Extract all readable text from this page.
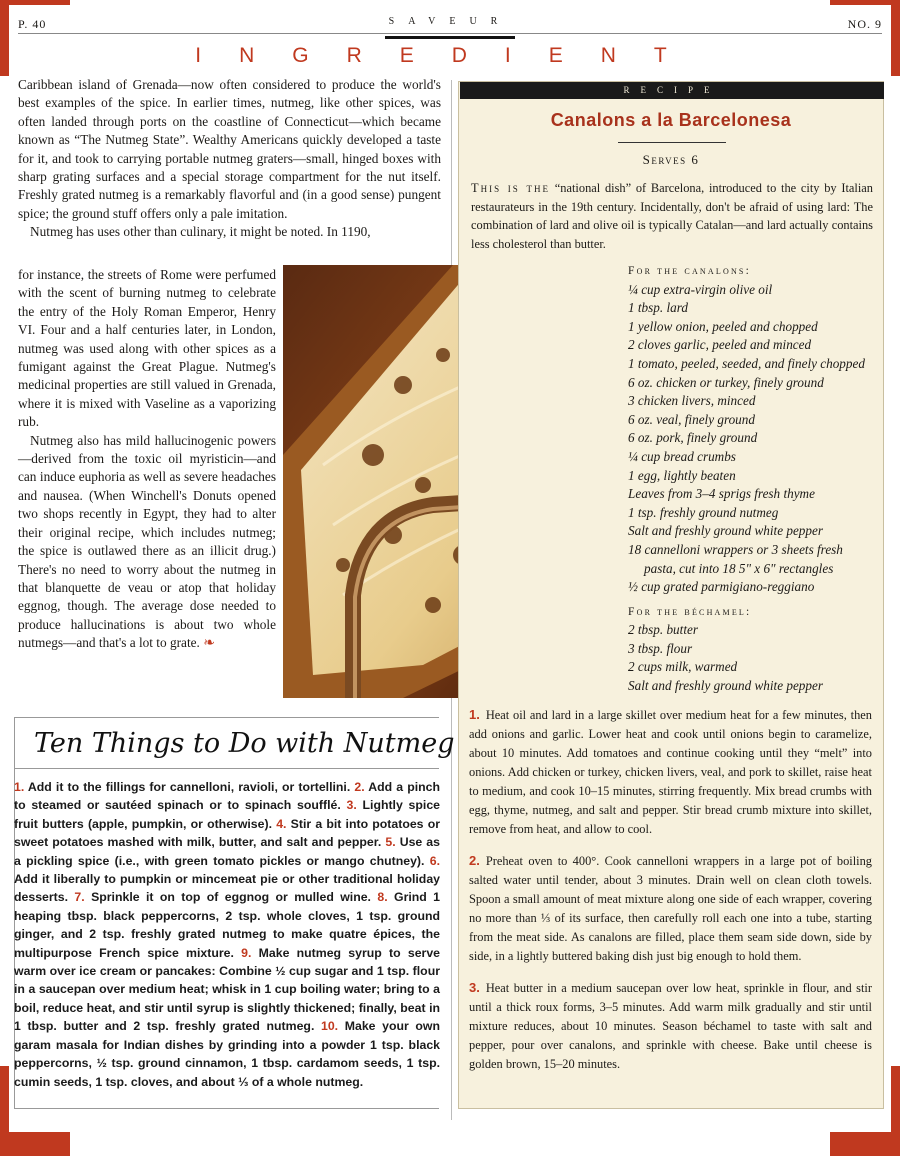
P. 40	SAVEUR	NO. 9
INGREDIENT

Caribbean island of Grenada—now often considered to produce the world's best examples of the spice. In earlier times, nutmeg, like other spices, was often landed through ports on the coastline of Connecticut—which became known as “The Nutmeg State”. Wealthy Americans quickly developed a taste for it, and took to carrying portable nutmeg graters—small, hinged boxes with sharp grating surfaces and a special storage compartment for the nut itself. Freshly grated nutmeg is a remarkably flavorful and (in a good sense) pungent spice; the ground stuff offers only a pale imitation.

Nutmeg has uses other than culinary, it might be noted. In 1190,

for instance, the streets of Rome were perfumed with the scent of burning nutmeg to celebrate the entry of the Holy Roman Emperor, Henry VI. Four and a half centuries later, in London, nutmeg was used along with other spices as a fumigant against the Great Plague. Nutmeg's medicinal properties are still valued in Grenada, where it is mixed with Vaseline as a vaporizing rub.

Nutmeg also has mild hallucinogenic powers—derived from the toxic oil myristicin—and can induce euphoria as well as severe headaches and nausea. (When Winchell's Donuts opened two shops recently in Egypt, they had to alter their original recipe, which includes nutmeg; the spice is outlawed there as an illicit drug.) There's no need to worry about the nutmeg in that blanquette de veau or atop that holiday eggnog, though. The average dose needed to produce hallucinations is about two whole nutmegs—and that's a lot to grate. ❧

RECIPE
Canalons a la Barcelonesa
Serves 6
This is the “national dish” of Barcelona, introduced to the city by Italian restaurateurs in the 19th century. Incidentally, don't be afraid of using lard: The combination of lard and olive oil is typically Catalan—and lard actually contains less cholesterol than butter.
For the canalons:
¼ cup extra-virgin olive oil
1 tbsp. lard
1 yellow onion, peeled and chopped
2 cloves garlic, peeled and minced
1 tomato, peeled, seeded, and finely chopped
6 oz. chicken or turkey, finely ground
3 chicken livers, minced
6 oz. veal, finely ground
6 oz. pork, finely ground
¼ cup bread crumbs
1 egg, lightly beaten
Leaves from 3–4 sprigs fresh thyme
1 tsp. freshly ground nutmeg
Salt and freshly ground white pepper
18 cannelloni wrappers or 3 sheets fresh
pasta, cut into 18 5" x 6" rectangles
½ cup grated parmigiano-reggiano
For the béchamel:
2 tbsp. butter
3 tbsp. flour
2 cups milk, warmed
Salt and freshly ground white pepper

1. Heat oil and lard in a large skillet over medium heat for a few minutes, then add onions and garlic. Lower heat and cook until onions begin to caramelize, about 10 minutes. Add tomatoes and continue cooking until they “melt” into onions. Add chicken or turkey, chicken livers, veal, and pork to skillet, raise heat to medium, and cook 10–15 minutes, stirring frequently. Mix bread crumbs with egg, thyme, nutmeg, and salt and pepper. Stir bread crumb mixture into skillet, remove from heat, and allow to cool.

2. Preheat oven to 400°. Cook cannelloni wrappers in a large pot of boiling salted water until tender, about 3 minutes. Drain well on clean cloth towels. Spoon a small amount of meat mixture along one side of each wrapper, covering no more than ⅓ of its surface, then carefully roll each one into a tube, starting from the meat side. As canalons are filled, place them seam side down, side by side, in a lightly buttered baking dish just big enough to hold them.

3. Heat butter in a medium saucepan over low heat, sprinkle in flour, and stir until a thick roux forms, 3–5 minutes. Add warm milk gradually and stir until mixture reduces, about 10 minutes. Season béchamel to taste with salt and pepper, pour over canalons, and sprinkle with cheese. Bake until cheese is golden brown, 15–20 minutes.

Ten Things to Do with Nutmeg
1. Add it to the fillings for cannelloni, ravioli, or tortellini. 2. Add a pinch to steamed or sautéed spinach or to spinach soufflé. 3. Lightly spice fruit butters (apple, pumpkin, or otherwise). 4. Stir a bit into potatoes or sweet potatoes mashed with milk, butter, and salt and pepper. 5. Use as a pickling spice (i.e., with green tomato pickles or mango chutney). 6. Add it liberally to pumpkin or mincemeat pie or other traditional holiday desserts. 7. Sprinkle it on top of eggnog or mulled wine. 8. Grind 1 heaping tbsp. black peppercorns, 2 tsp. whole cloves, 1 tsp. ground ginger, and 2 tsp. freshly grated nutmeg to make quatre épices, the multipurpose French spice mixture. 9. Make nutmeg syrup to serve warm over ice cream or pancakes: Combine ½ cup sugar and 1 tsp. flour in a saucepan over medium heat; whisk in 1 cup boiling water; bring to a boil, reduce heat, and stir until syrup is slightly thickened; finally, beat in 1 tbsp. butter and 2 tsp. freshly grated nutmeg. 10. Make your own garam masala for Indian dishes by grinding into a powder 1 tsp. black peppercorns, ½ tsp. ground cinnamon, 1 tbsp. cardamom seeds, 1 tsp. cumin seeds, 1 tsp. cloves, and about ⅓ of a whole nutmeg.
